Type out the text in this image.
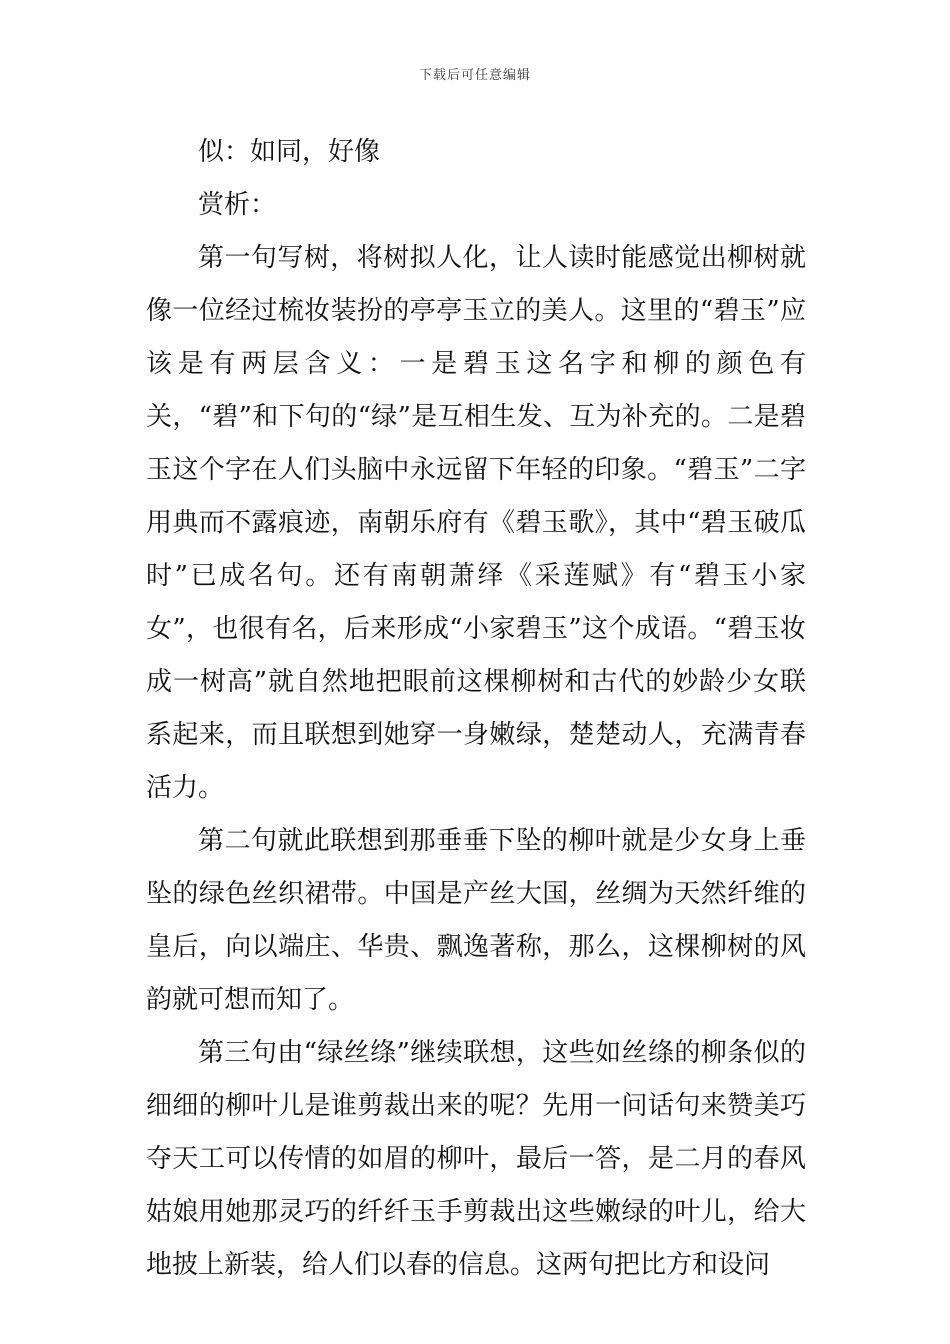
下载后可任意编辑

似：如同，好像

赏析：

第一句写树，将树拟人化，让人读时能感觉出柳树就像一位经过梳妆装扮的亭亭玉立的美人。这里的“碧玉”应该是有两层含义：一是碧玉这名字和柳的颜色有关，“碧”和下句的“绿”是互相生发、互为补充的。二是碧玉这个字在人们头脑中永远留下年轻的印象。“碧玉”二字用典而不露痕迹，南朝乐府有《碧玉歌》，其中“碧玉破瓜时”已成名句。还有南朝萧绎《采莲赋》有“碧玉小家女”，也很有名，后来形成“小家碧玉”这个成语。“碧玉妆成一树高”就自然地把眼前这棵柳树和古代的妙龄少女联系起来，而且联想到她穿一身嫩绿，楚楚动人，充满青春活力。

第二句就此联想到那垂垂下坠的柳叶就是少女身上垂坠的绿色丝织裙带。中国是产丝大国，丝绸为天然纤维的皇后，向以端庄、华贵、飘逸著称，那么，这棵柳树的风韵就可想而知了。

第三句由“绿丝绦”继续联想，这些如丝绦的柳条似的细细的柳叶儿是谁剪裁出来的呢？先用一问话句来赞美巧夺天工可以传情的如眉的柳叶，最后一答，是二月的春风姑娘用她那灵巧的纤纤玉手剪裁出这些嫩绿的叶儿，给大地披上新装，给人们以春的信息。这两句把比方和设问
